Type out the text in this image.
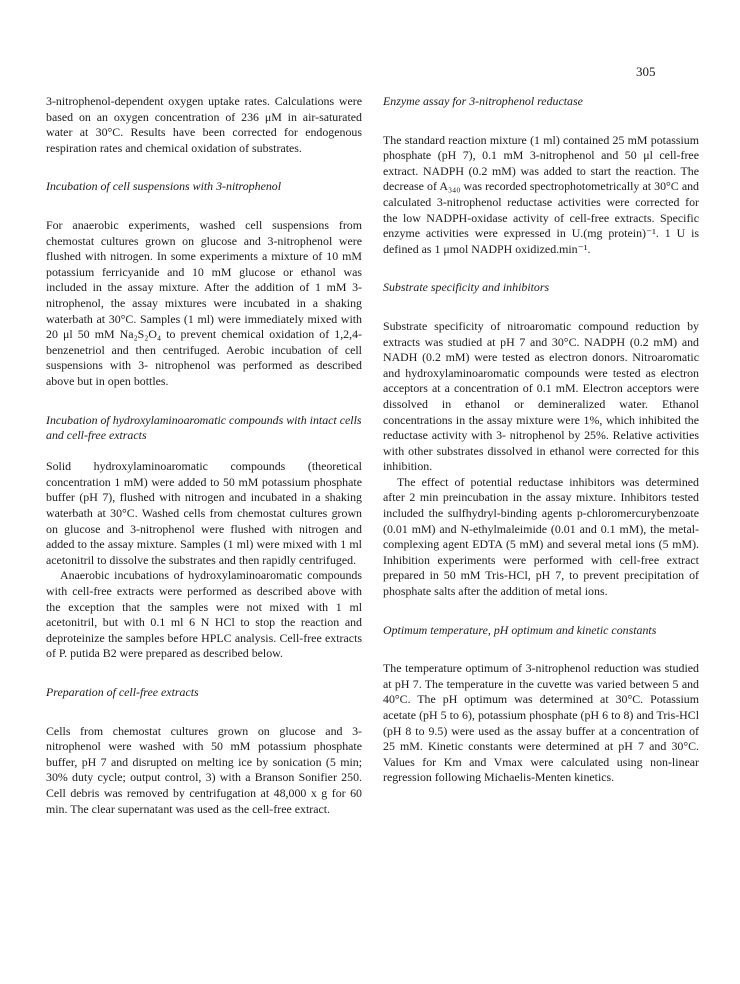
305

3-nitrophenol-dependent oxygen uptake rates. Calculations were based on an oxygen concentration of 236 μM in air-saturated water at 30°C. Results have been corrected for endogenous respiration rates and chemical oxidation of substrates.

Incubation of cell suspensions with 3-nitrophenol

For anaerobic experiments, washed cell suspensions from chemostat cultures grown on glucose and 3-nitrophenol were flushed with nitrogen. In some experiments a mixture of 10 mM potassium ferricyanide and 10 mM glucose or ethanol was included in the assay mixture. After the addition of 1 mM 3-nitrophenol, the assay mixtures were incubated in a shaking waterbath at 30°C. Samples (1 ml) were immediately mixed with 20 μl 50 mM Na₂S₂O₄ to prevent chemical oxidation of 1,2,4-benzenetriol and then centrifuged. Aerobic incubation of cell suspensions with 3- nitrophenol was performed as described above but in open bottles.

Incubation of hydroxylaminoaromatic compounds with intact cells and cell-free extracts

Solid hydroxylaminoaromatic compounds (theoretical concentration 1 mM) were added to 50 mM potassium phosphate buffer (pH 7), flushed with nitrogen and incubated in a shaking waterbath at 30°C. Washed cells from chemostat cultures grown on glucose and 3-nitrophenol were flushed with nitrogen and added to the assay mixture. Samples (1 ml) were mixed with 1 ml acetonitril to dissolve the substrates and then rapidly centrifuged.

Anaerobic incubations of hydroxylaminoaromatic compounds with cell-free extracts were performed as described above with the exception that the samples were not mixed with 1 ml acetonitril, but with 0.1 ml 6 N HCl to stop the reaction and deproteinize the samples before HPLC analysis. Cell-free extracts of P. putida B2 were prepared as described below.

Preparation of cell-free extracts

Cells from chemostat cultures grown on glucose and 3-nitrophenol were washed with 50 mM potassium phosphate buffer, pH 7 and disrupted on melting ice by sonication (5 min; 30% duty cycle; output control, 3) with a Branson Sonifier 250. Cell debris was removed by centrifugation at 48,000 x g for 60 min. The clear supernatant was used as the cell-free extract.

Enzyme assay for 3-nitrophenol reductase

The standard reaction mixture (1 ml) contained 25 mM potassium phosphate (pH 7), 0.1 mM 3-nitrophenol and 50 μl cell-free extract. NADPH (0.2 mM) was added to start the reaction. The decrease of A₃₄₀ was recorded spectrophotometrically at 30°C and calculated 3-nitrophenol reductase activities were corrected for the low NADPH-oxidase activity of cell-free extracts. Specific enzyme activities were expressed in U.(mg protein)⁻¹. 1 U is defined as 1 μmol NADPH oxidized.min⁻¹.

Substrate specificity and inhibitors

Substrate specificity of nitroaromatic compound reduction by extracts was studied at pH 7 and 30°C. NADPH (0.2 mM) and NADH (0.2 mM) were tested as electron donors. Nitroaromatic and hydroxylaminoaromatic compounds were tested as electron acceptors at a concentration of 0.1 mM. Electron acceptors were dissolved in ethanol or demineralized water. Ethanol concentrations in the assay mixture were 1%, which inhibited the reductase activity with 3- nitrophenol by 25%. Relative activities with other substrates dissolved in ethanol were corrected for this inhibition.

The effect of potential reductase inhibitors was determined after 2 min preincubation in the assay mixture. Inhibitors tested included the sulfhydryl-binding agents p-chloromercurybenzoate (0.01 mM) and N-ethylmaleimide (0.01 and 0.1 mM), the metal-complexing agent EDTA (5 mM) and several metal ions (5 mM). Inhibition experiments were performed with cell-free extract prepared in 50 mM Tris-HCl, pH 7, to prevent precipitation of phosphate salts after the addition of metal ions.

Optimum temperature, pH optimum and kinetic constants

The temperature optimum of 3-nitrophenol reduction was studied at pH 7. The temperature in the cuvette was varied between 5 and 40°C. The pH optimum was determined at 30°C. Potassium acetate (pH 5 to 6), potassium phosphate (pH 6 to 8) and Tris-HCl (pH 8 to 9.5) were used as the assay buffer at a concentration of 25 mM. Kinetic constants were determined at pH 7 and 30°C. Values for Km and Vmax were calculated using non-linear regression following Michaelis-Menten kinetics.
